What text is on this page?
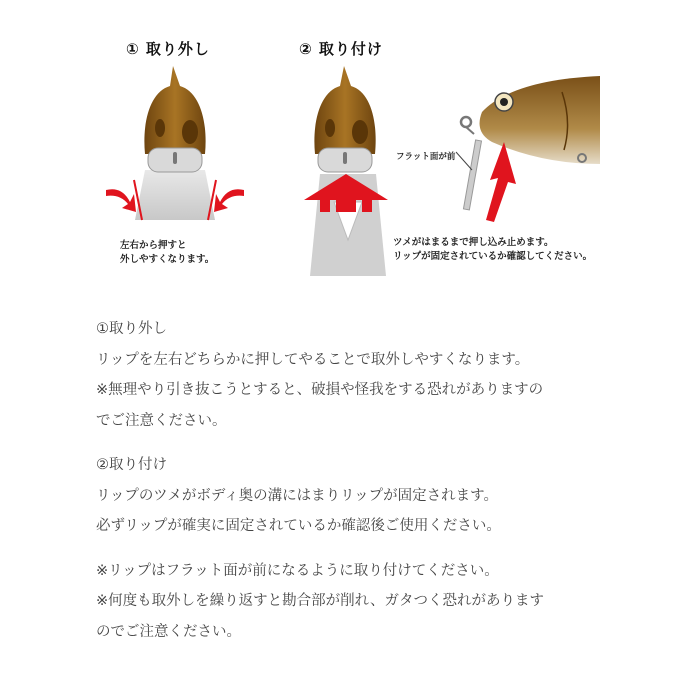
① 取り外し	② 取り付け
左右から押すと
外しやすくなります。
フラット面が前
ツメがはまるまで押し込み止めます。
リップが固定されているか確認してください。

①取り外し

リップを左右どちらかに押してやることで取外しやすくなります。

※無理やり引き抜こうとすると、破損や怪我をする恐れがありますの

でご注意ください。

②取り付け

リップのツメがボディ奥の溝にはまりリップが固定されます。

必ずリップが確実に固定されているか確認後ご使用ください。

※リップはフラット面が前になるように取り付けてください。

※何度も取外しを繰り返すと勘合部が削れ、ガタつく恐れがあります

のでご注意ください。
